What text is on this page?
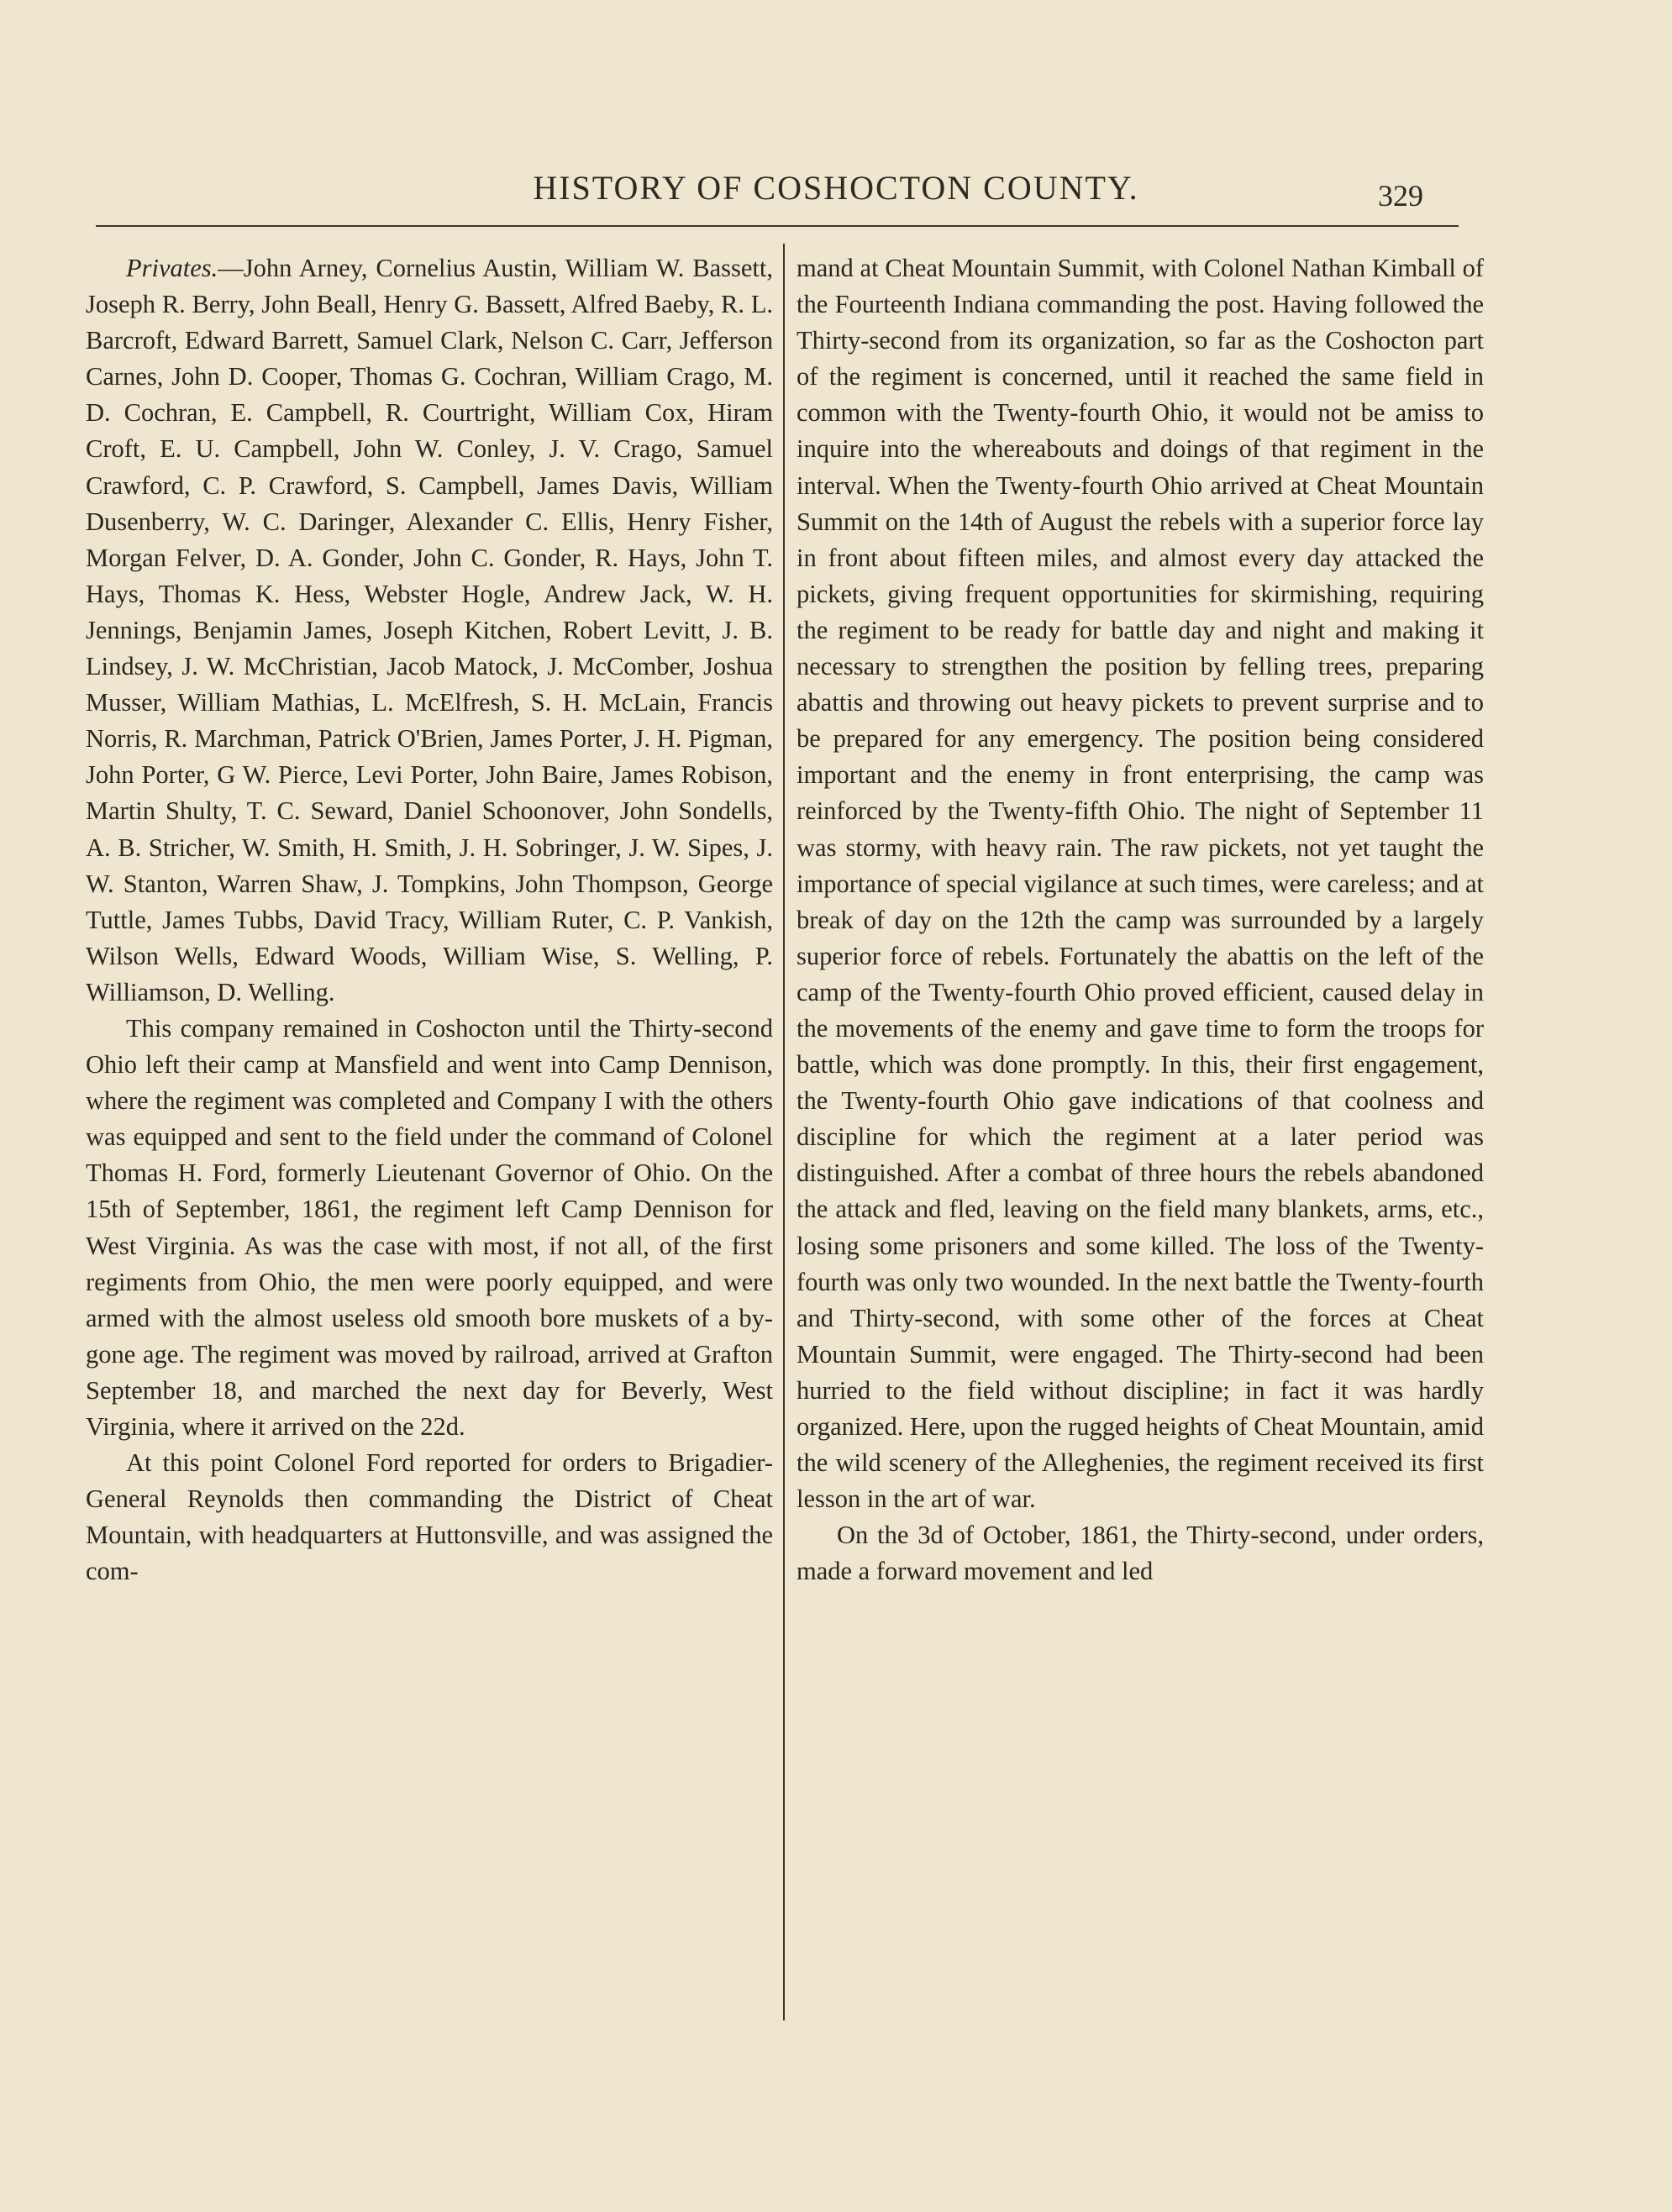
HISTORY OF COSHOCTON COUNTY.	329

Privates.—John Arney, Cornelius Austin, William W. Bassett, Joseph R. Berry, John Beall, Henry G. Bassett, Alfred Baeby, R. L. Barcroft, Edward Barrett, Samuel Clark, Nelson C. Carr, Jefferson Carnes, John D. Cooper, Thomas G. Cochran, William Crago, M. D. Cochran, E. Campbell, R. Courtright, William Cox, Hiram Croft, E. U. Campbell, John W. Conley, J. V. Crago, Samuel Crawford, C. P. Crawford, S. Campbell, James Davis, William Dusenberry, W. C. Daringer, Alexander C. Ellis, Henry Fisher, Morgan Felver, D. A. Gonder, John C. Gonder, R. Hays, John T. Hays, Thomas K. Hess, Webster Hogle, Andrew Jack, W. H. Jennings, Benjamin James, Joseph Kitchen, Robert Levitt, J. B. Lindsey, J. W. McChristian, Jacob Matock, J. McComber, Joshua Musser, William Mathias, L. McElfresh, S. H. McLain, Francis Norris, R. Marchman, Patrick O'Brien, James Porter, J. H. Pigman, John Porter, G W. Pierce, Levi Porter, John Baire, James Robison, Martin Shulty, T. C. Seward, Daniel Schoonover, John Sondells, A. B. Stricher, W. Smith, H. Smith, J. H. Sobringer, J. W. Sipes, J. W. Stanton, Warren Shaw, J. Tompkins, John Thompson, George Tuttle, James Tubbs, David Tracy, William Ruter, C. P. Vankish, Wilson Wells, Edward Woods, William Wise, S. Welling, P. Williamson, D. Welling.

This company remained in Coshocton until the Thirty-second Ohio left their camp at Mansfield and went into Camp Dennison, where the regiment was completed and Company I with the others was equipped and sent to the field under the command of Colonel Thomas H. Ford, formerly Lieutenant Governor of Ohio. On the 15th of September, 1861, the regiment left Camp Dennison for West Virginia. As was the case with most, if not all, of the first regiments from Ohio, the men were poorly equipped, and were armed with the almost useless old smooth bore muskets of a by-gone age. The regiment was moved by railroad, arrived at Grafton September 18, and marched the next day for Beverly, West Virginia, where it arrived on the 22d.

At this point Colonel Ford reported for orders to Brigadier-General Reynolds then commanding the District of Cheat Mountain, with headquarters at Huttonsville, and was assigned the com-

mand at Cheat Mountain Summit, with Colonel Nathan Kimball of the Fourteenth Indiana commanding the post. Having followed the Thirty-second from its organization, so far as the Coshocton part of the regiment is concerned, until it reached the same field in common with the Twenty-fourth Ohio, it would not be amiss to inquire into the whereabouts and doings of that regiment in the interval. When the Twenty-fourth Ohio arrived at Cheat Mountain Summit on the 14th of August the rebels with a superior force lay in front about fifteen miles, and almost every day attacked the pickets, giving frequent opportunities for skirmishing, requiring the regiment to be ready for battle day and night and making it necessary to strengthen the position by felling trees, preparing abattis and throwing out heavy pickets to prevent surprise and to be prepared for any emergency. The position being considered important and the enemy in front enterprising, the camp was reinforced by the Twenty-fifth Ohio. The night of September 11 was stormy, with heavy rain. The raw pickets, not yet taught the importance of special vigilance at such times, were careless; and at break of day on the 12th the camp was surrounded by a largely superior force of rebels. Fortunately the abattis on the left of the camp of the Twenty-fourth Ohio proved efficient, caused delay in the movements of the enemy and gave time to form the troops for battle, which was done promptly. In this, their first engagement, the Twenty-fourth Ohio gave indications of that coolness and discipline for which the regiment at a later period was distinguished. After a combat of three hours the rebels abandoned the attack and fled, leaving on the field many blankets, arms, etc., losing some prisoners and some killed. The loss of the Twenty-fourth was only two wounded. In the next battle the Twenty-fourth and Thirty-second, with some other of the forces at Cheat Mountain Summit, were engaged. The Thirty-second had been hurried to the field without discipline; in fact it was hardly organized. Here, upon the rugged heights of Cheat Mountain, amid the wild scenery of the Alleghenies, the regiment received its first lesson in the art of war.

On the 3d of October, 1861, the Thirty-second, under orders, made a forward movement and led
